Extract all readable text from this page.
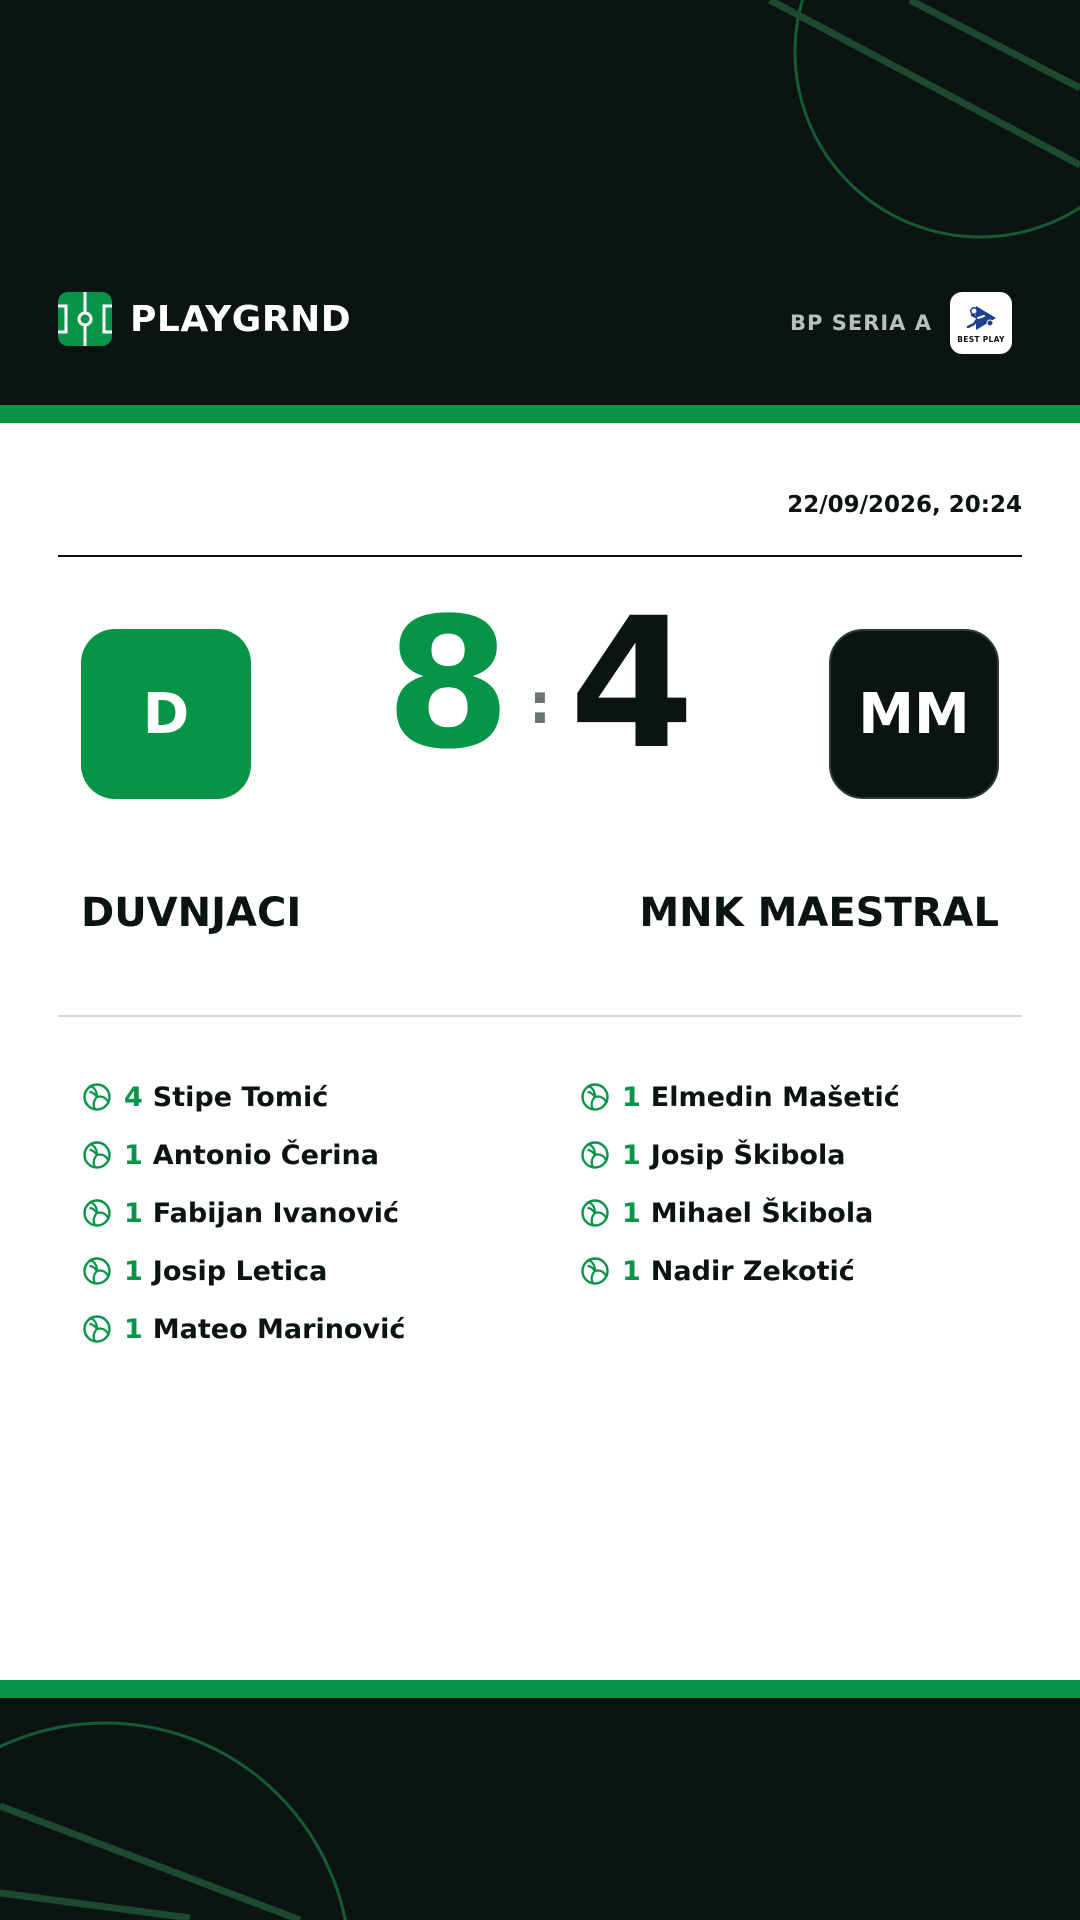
PLAYGRND	BP SERIA A
BEST PLAY
22/09/2026, 20:24
D	MM
8 : 4
DUVNJACI	MNK MAESTRAL
4 Stipe Tomić
1 Antonio Čerina
1 Fabijan Ivanović
1 Josip Letica
1 Mateo Marinović
1 Elmedin Mašetić
1 Josip Škibola
1 Mihael Škibola
1 Nadir Zekotić
